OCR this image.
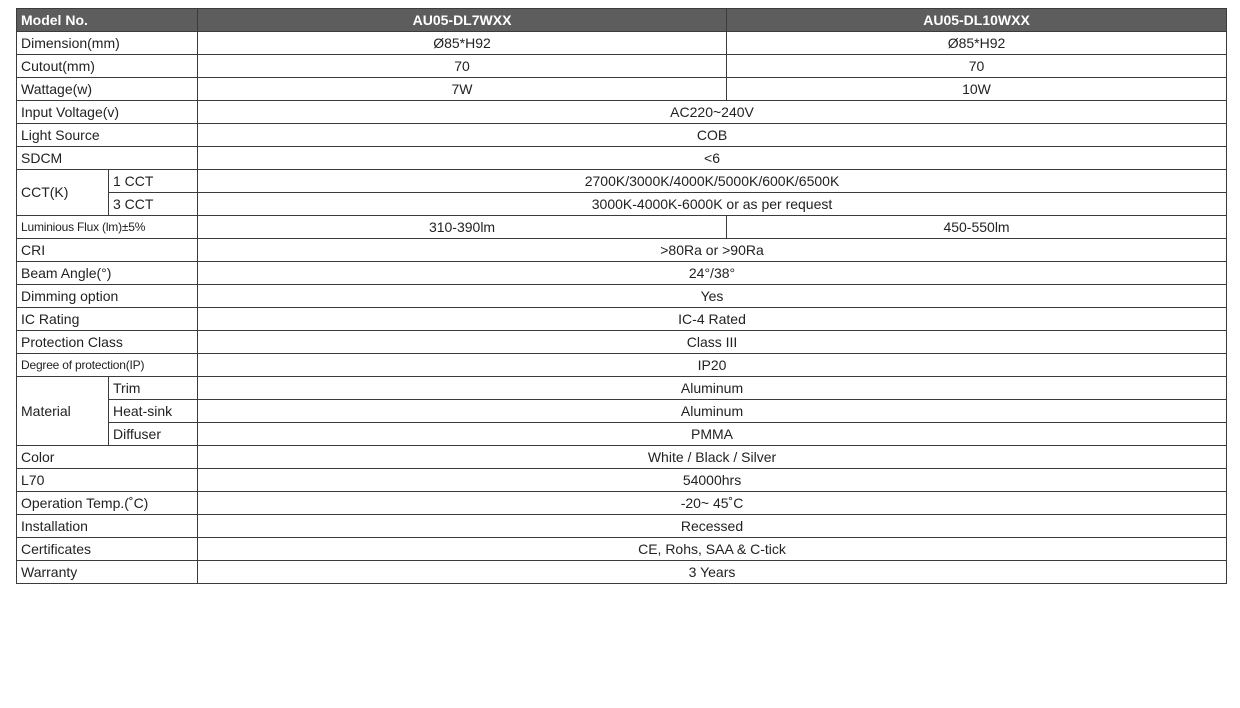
Model No.		AU05-DL7WXX	AU05-DL10WXX
Dimension(mm)		Ø85*H92	Ø85*H92
Cutout(mm)		70	70
Wattage(w)		7W	10W
Input Voltage(v)		AC220~240V	
Light Source		COB	
SDCM		<6	
CCT(K)	1 CCT	2700K/3000K/4000K/5000K/600K/6500K	
	3 CCT	3000K-4000K-6000K or as per request	
Luminious Flux (lm)±5%		310-390lm	450-550lm
CRI		>80Ra or >90Ra	
Beam Angle(°)		24°/38°	
Dimming option		Yes	
IC Rating		IC-4 Rated	
Protection Class		Class III	
Degree of protection(IP)		IP20	
Material	Trim	Aluminum	
	Heat-sink	Aluminum	
	Diffuser	PMMA	
Color		White / Black / Silver	
L70		54000hrs	
Operation Temp.(˚C)		-20~ 45˚C	
Installation		Recessed	
Certificates		CE, Rohs, SAA & C-tick	
Warranty		3 Years	
